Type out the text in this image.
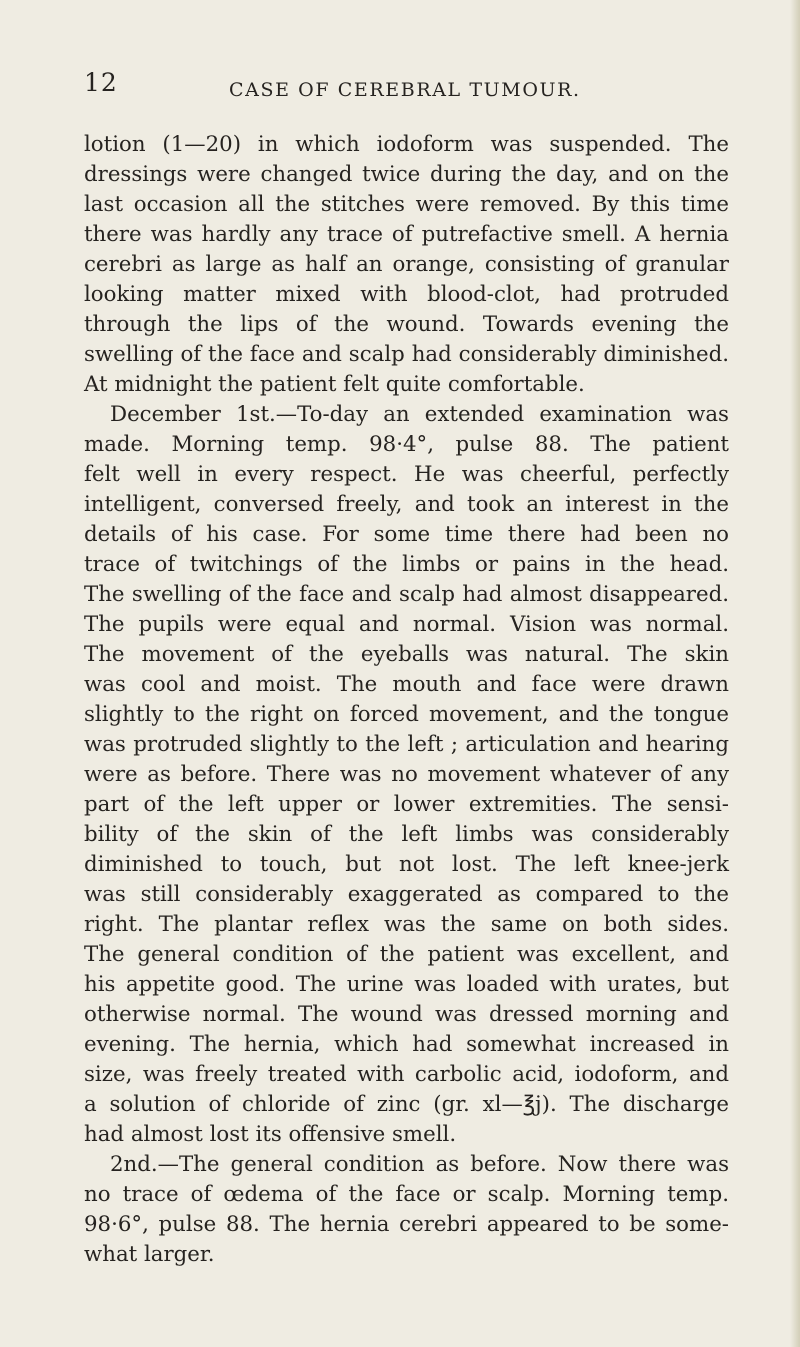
12	CASE OF CEREBRAL TUMOUR.
lotion (1—20) in which iodoform was suspended. The
dressings were changed twice during the day, and on the
last occasion all the stitches were removed. By this time
there was hardly any trace of putrefactive smell. A hernia
cerebri as large as half an orange, consisting of granular
looking matter mixed with blood-clot, had protruded
through the lips of the wound. Towards evening the
swelling of the face and scalp had considerably diminished.
At midnight the patient felt quite comfortable.
December 1st.—To-day an extended examination was
made. Morning temp. 98·4°, pulse 88. The patient
felt well in every respect. He was cheerful, perfectly
intelligent, conversed freely, and took an interest in the
details of his case. For some time there had been no
trace of twitchings of the limbs or pains in the head.
The swelling of the face and scalp had almost disappeared.
The pupils were equal and normal. Vision was normal.
The movement of the eyeballs was natural. The skin
was cool and moist. The mouth and face were drawn
slightly to the right on forced movement, and the tongue
was protruded slightly to the left ; articulation and hearing
were as before. There was no movement whatever of any
part of the left upper or lower extremities. The sensi-
bility of the skin of the left limbs was considerably
diminished to touch, but not lost. The left knee-jerk
was still considerably exaggerated as compared to the
right. The plantar reflex was the same on both sides.
The general condition of the patient was excellent, and
his appetite good. The urine was loaded with urates, but
otherwise normal. The wound was dressed morning and
evening. The hernia, which had somewhat increased in
size, was freely treated with carbolic acid, iodoform, and
a solution of chloride of zinc (gr. xl—℥j). The discharge
had almost lost its offensive smell.
2nd.—The general condition as before. Now there was
no trace of œdema of the face or scalp. Morning temp.
98·6°, pulse 88. The hernia cerebri appeared to be some-
what larger.
